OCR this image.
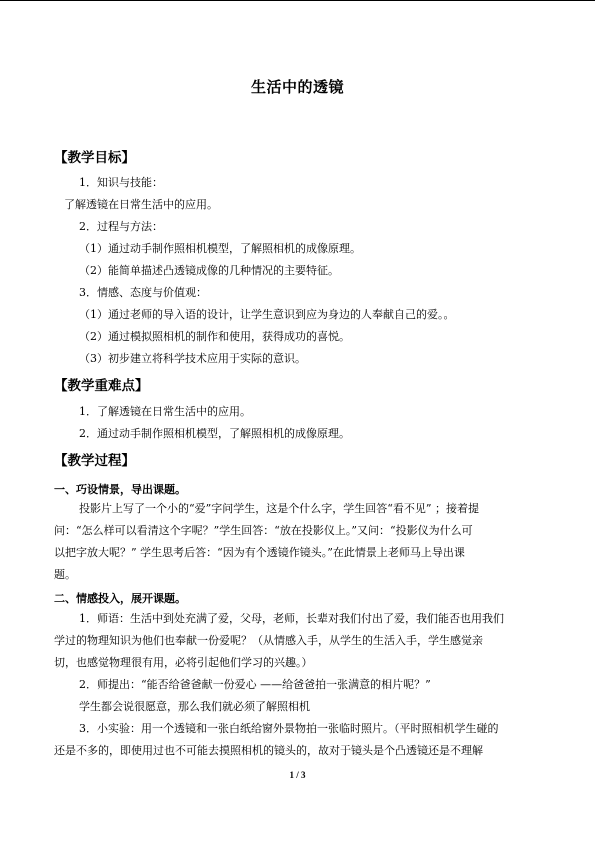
生活中的透镜
【教学目标】
1．知识与技能：
了解透镜在日常生活中的应用。
2．过程与方法：
（1）通过动手制作照相机模型，了解照相机的成像原理。
（2）能简单描述凸透镜成像的几种情况的主要特征。
3．情感、态度与价值观：
（1）通过老师的导入语的设计，让学生意识到应为身边的人奉献自己的爱。。
（2）通过模拟照相机的制作和使用，获得成功的喜悦。
（3）初步建立将科学技术应用于实际的意识。
【教学重难点】
1．了解透镜在日常生活中的应用。
2．通过动手制作照相机模型，了解照相机的成像原理。
【教学过程】
一、巧设情景，导出课题。
投影片上写了一个小的“爱”字问学生，这是个什么字，学生回答“看不见” ；接着提
问：“怎么样可以看清这个字呢？”学生回答：“放在投影仪上。”又问：“投影仪为什么可
以把字放大呢？” 学生思考后答：“因为有个透镜作镜头。”在此情景上老师马上导出课
题。
二、情感投入，展开课题。
1．师语：生活中到处充满了爱，父母，老师，长辈对我们付出了爱，我们能否也用我们
学过的物理知识为他们也奉献一份爱呢？（从情感入手，从学生的生活入手，学生感觉亲
切，也感觉物理很有用，必将引起他们学习的兴趣。）
2．师提出：“能否给爸爸献一份爱心 ——给爸爸拍一张满意的相片呢？”
学生都会说很愿意，那么我们就必须了解照相机
3．小实验：用一个透镜和一张白纸给窗外景物拍一张临时照片。（平时照相机学生碰的
还是不多的，即使用过也不可能去摸照相机的镜头的，故对于镜头是个凸透镜还是不理解
1 / 3
